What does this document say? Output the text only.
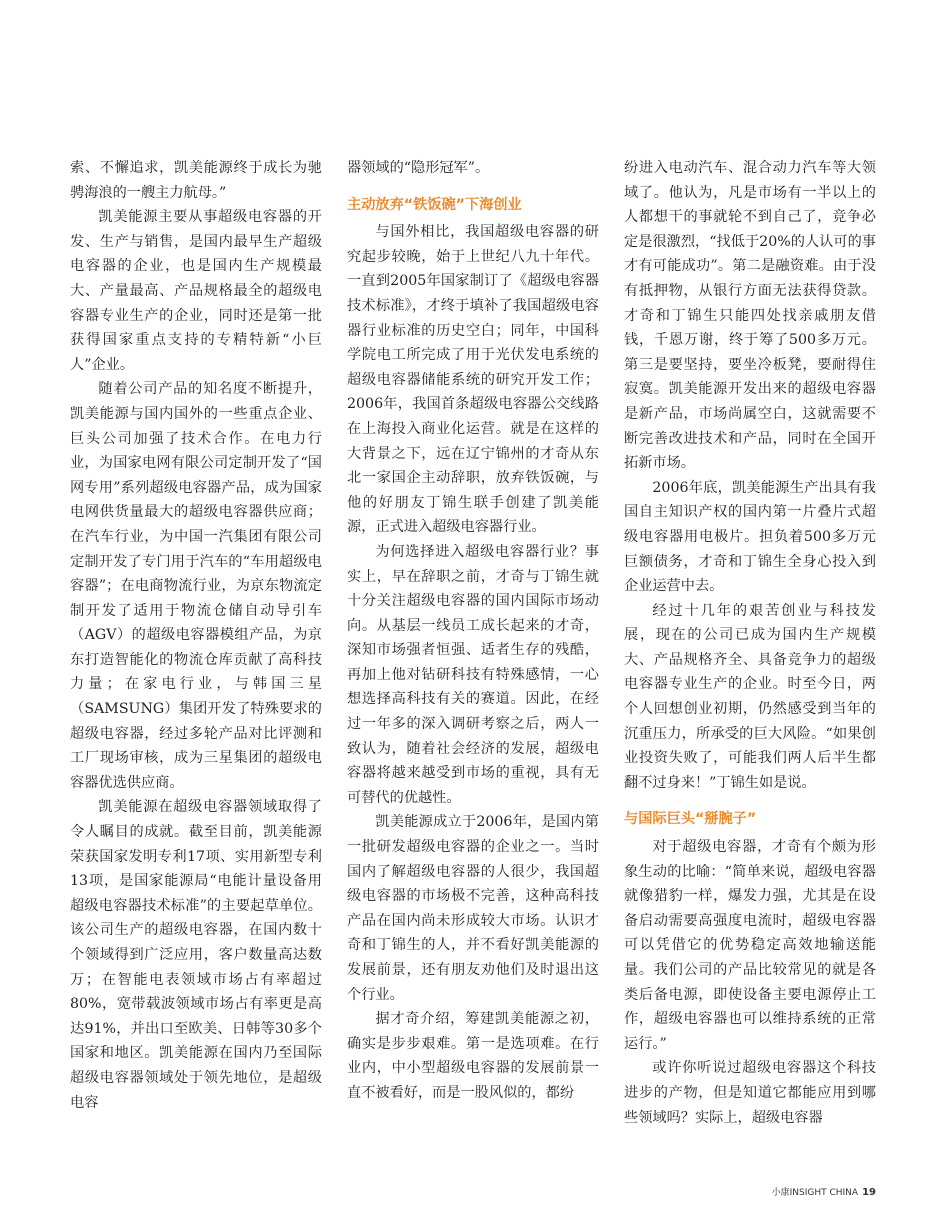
索、不懈追求，凯美能源终于成长为驰骋海浪的一艘主力航母。”

凯美能源主要从事超级电容器的开发、生产与销售，是国内最早生产超级电容器的企业，也是国内生产规模最大、产量最高、产品规格最全的超级电容器专业生产的企业，同时还是第一批获得国家重点支持的专精特新“小巨人”企业。

随着公司产品的知名度不断提升，凯美能源与国内国外的一些重点企业、巨头公司加强了技术合作。在电力行业，为国家电网有限公司定制开发了“国网专用”系列超级电容器产品，成为国家电网供货量最大的超级电容器供应商；在汽车行业，为中国一汽集团有限公司定制开发了专门用于汽车的“车用超级电容器”；在电商物流行业，为京东物流定制开发了适用于物流仓储自动导引车（AGV）的超级电容器模组产品，为京东打造智能化的物流仓库贡献了高科技力量；在家电行业，与韩国三星（SAMSUNG）集团开发了特殊要求的超级电容器，经过多轮产品对比评测和工厂现场审核，成为三星集团的超级电容器优选供应商。

凯美能源在超级电容器领域取得了令人瞩目的成就。截至目前，凯美能源荣获国家发明专利17项、实用新型专利13项，是国家能源局“电能计量设备用超级电容器技术标准”的主要起草单位。该公司生产的超级电容器，在国内数十个领域得到广泛应用，客户数量高达数万；在智能电表领域市场占有率超过80%，宽带载波领域市场占有率更是高达91%，并出口至欧美、日韩等30多个国家和地区。凯美能源在国内乃至国际超级电容器领域处于领先地位，是超级电容

器领域的“隐形冠军”。

主动放弃“铁饭碗”下海创业

与国外相比，我国超级电容器的研究起步较晚，始于上世纪八九十年代。一直到2005年国家制订了《超级电容器技术标准》，才终于填补了我国超级电容器行业标准的历史空白；同年，中国科学院电工所完成了用于光伏发电系统的超级电容器储能系统的研究开发工作；2006年，我国首条超级电容器公交线路在上海投入商业化运营。就是在这样的大背景之下，远在辽宁锦州的才奇从东北一家国企主动辞职，放弃铁饭碗，与他的好朋友丁锦生联手创建了凯美能源，正式进入超级电容器行业。

为何选择进入超级电容器行业？事实上，早在辞职之前，才奇与丁锦生就十分关注超级电容器的国内国际市场动向。从基层一线员工成长起来的才奇，深知市场强者恒强、适者生存的残酷，再加上他对钻研科技有特殊感情，一心想选择高科技有关的赛道。因此，在经过一年多的深入调研考察之后，两人一致认为，随着社会经济的发展，超级电容器将越来越受到市场的重视，具有无可替代的优越性。

凯美能源成立于2006年，是国内第一批研发超级电容器的企业之一。当时国内了解超级电容器的人很少，我国超级电容器的市场极不完善，这种高科技产品在国内尚未形成较大市场。认识才奇和丁锦生的人，并不看好凯美能源的发展前景，还有朋友劝他们及时退出这个行业。

据才奇介绍，筹建凯美能源之初，确实是步步艰难。第一是选项难。在行业内，中小型超级电容器的发展前景一直不被看好，而是一股风似的，都纷

纷进入电动汽车、混合动力汽车等大领域了。他认为，凡是市场有一半以上的人都想干的事就轮不到自己了，竞争必定是很激烈，“找低于20%的人认可的事才有可能成功”。第二是融资难。由于没有抵押物，从银行方面无法获得贷款。才奇和丁锦生只能四处找亲戚朋友借钱，千恩万谢，终于筹了500多万元。第三是要坚持，要坐冷板凳，要耐得住寂寞。凯美能源开发出来的超级电容器是新产品，市场尚属空白，这就需要不断完善改进技术和产品，同时在全国开拓新市场。

2006年底，凯美能源生产出具有我国自主知识产权的国内第一片叠片式超级电容器用电极片。担负着500多万元巨额债务，才奇和丁锦生全身心投入到企业运营中去。

经过十几年的艰苦创业与科技发展，现在的公司已成为国内生产规模大、产品规格齐全、具备竞争力的超级电容器专业生产的企业。时至今日，两个人回想创业初期，仍然感受到当年的沉重压力，所承受的巨大风险。“如果创业投资失败了，可能我们两人后半生都翻不过身来！”丁锦生如是说。

与国际巨头“掰腕子”

对于超级电容器，才奇有个颇为形象生动的比喻：“简单来说，超级电容器就像猎豹一样，爆发力强，尤其是在设备启动需要高强度电流时，超级电容器可以凭借它的优势稳定高效地输送能量。我们公司的产品比较常见的就是各类后备电源，即使设备主要电源停止工作，超级电容器也可以维持系统的正常运行。”

或许你听说过超级电容器这个科技进步的产物，但是知道它都能应用到哪些领域吗？实际上，超级电容器

小康INSIGHT CHINA 19
